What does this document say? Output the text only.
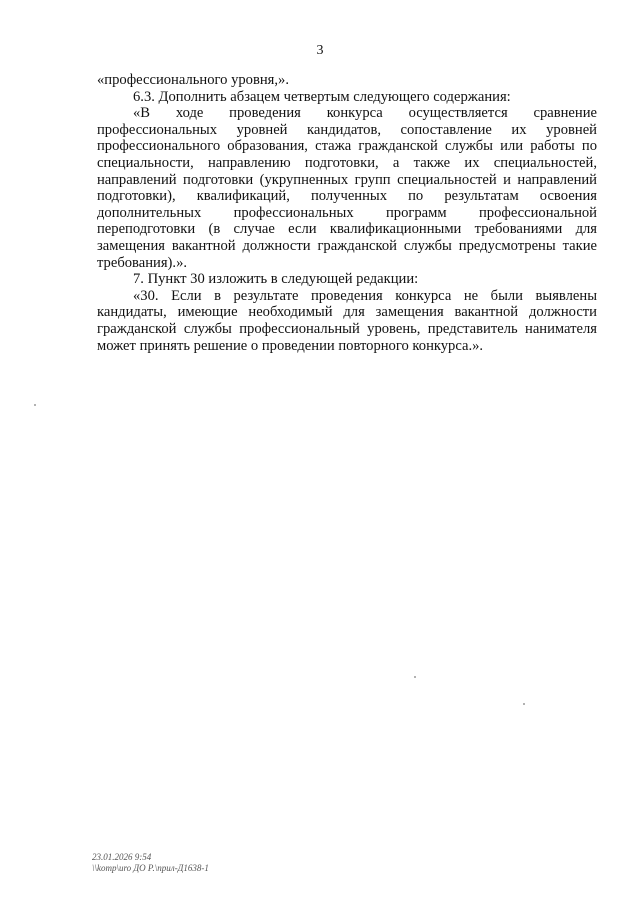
3

«профессионального уровня,».

6.3. Дополнить абзацем четвертым следующего содержания:

«В ходе проведения конкурса осуществляется сравнение профессиональных уровней кандидатов, сопоставление их уровней профессионального образования, стажа гражданской службы или работы по специальности, направлению подготовки, а также их специальностей, направлений подготовки (укрупненных групп специальностей и направлений подготовки), квалификаций, полученных по результатам освоения дополнительных профессиональных программ профессиональной переподготовки (в случае если квалификационными требованиями для замещения вакантной должности гражданской службы предусмотрены такие требования).».

7. Пункт 30 изложить в следующей редакции:

«30. Если в результате проведения конкурса не были выявлены кандидаты, имеющие необходимый для замещения вакантной должности гражданской службы профессиональный уровень, представитель нанимателя может принять решение о проведении повторного конкурса.».

23.01.2026 9:54
\\komp\uro ДО Р.\прил-Д1638-1
